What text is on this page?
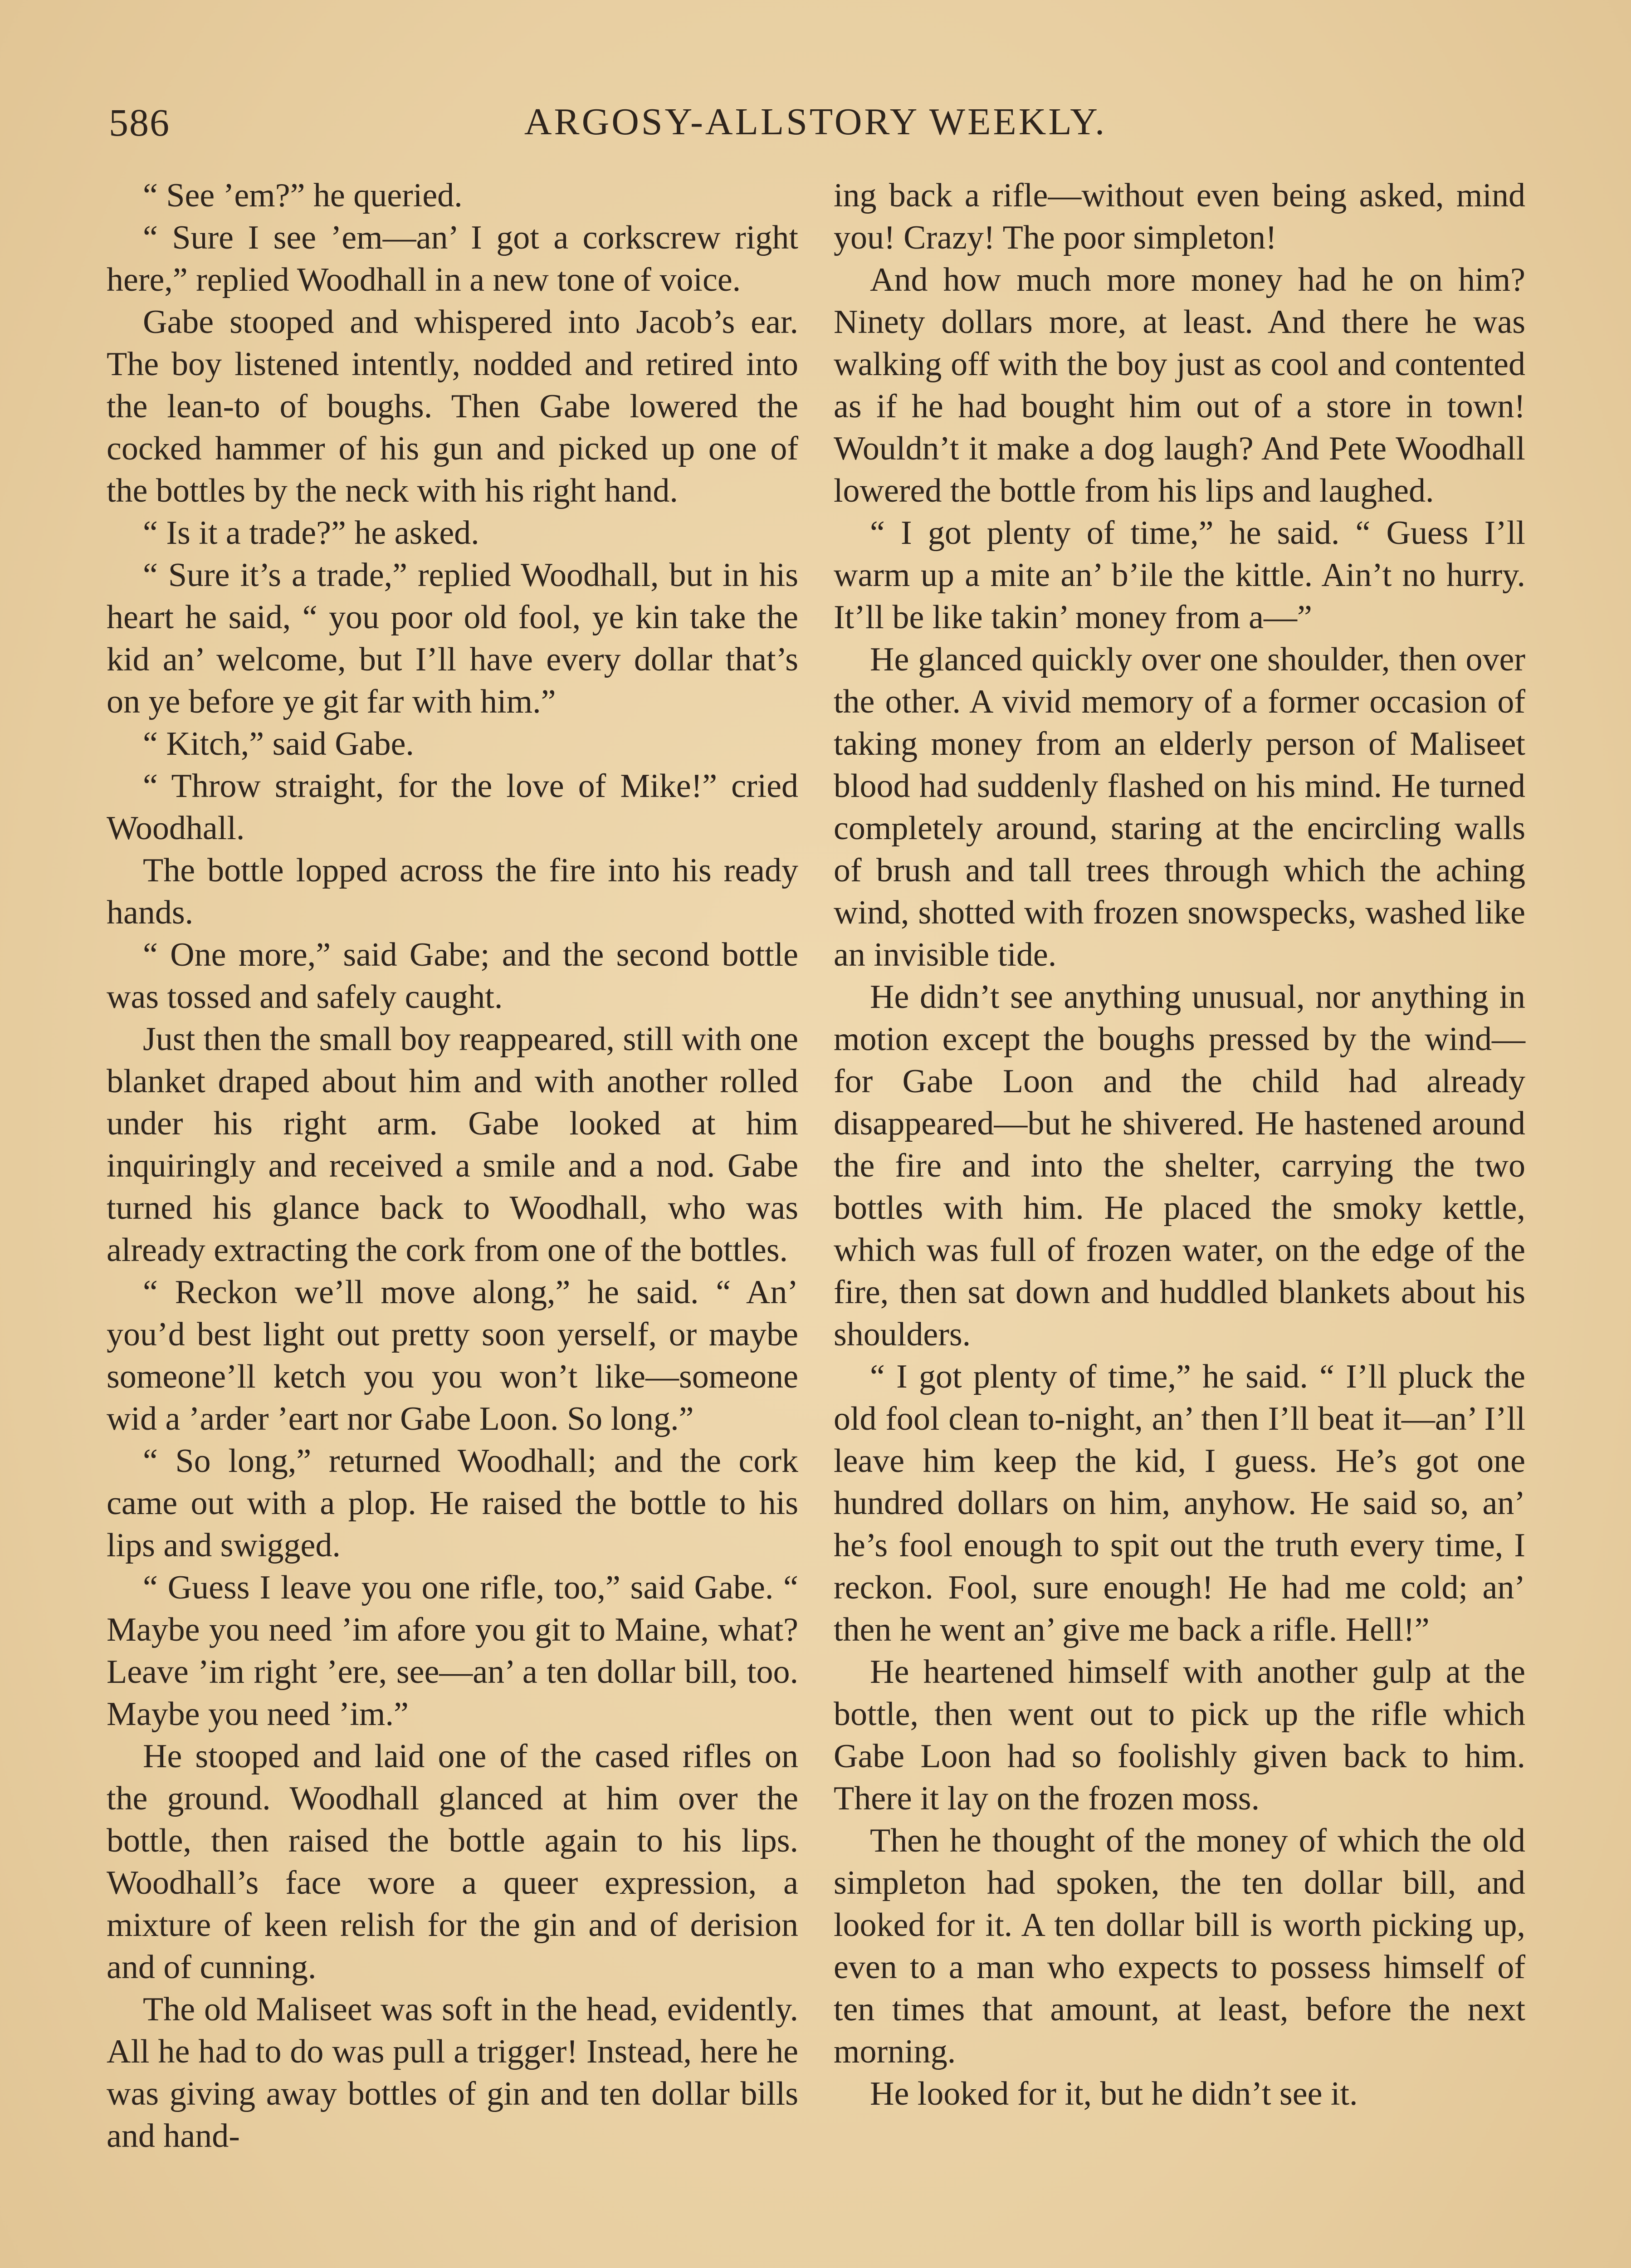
586	ARGOSY-ALLSTORY WEEKLY.

“ See ’em?” he queried.

“ Sure I see ’em—an’ I got a corkscrew right here,” replied Woodhall in a new tone of voice.

Gabe stooped and whispered into Jacob’s ear. The boy listened intently, nodded and retired into the lean-to of boughs. Then Gabe lowered the cocked hammer of his gun and picked up one of the bottles by the neck with his right hand.

“ Is it a trade?” he asked.

“ Sure it’s a trade,” replied Woodhall, but in his heart he said, “ you poor old fool, ye kin take the kid an’ welcome, but I’ll have every dollar that’s on ye before ye git far with him.”

“ Kitch,” said Gabe.

“ Throw straight, for the love of Mike!” cried Woodhall.

The bottle lopped across the fire into his ready hands.

“ One more,” said Gabe; and the second bottle was tossed and safely caught.

Just then the small boy reappeared, still with one blanket draped about him and with another rolled under his right arm. Gabe looked at him inquiringly and received a smile and a nod. Gabe turned his glance back to Woodhall, who was already extracting the cork from one of the bottles.

“ Reckon we’ll move along,” he said. “ An’ you’d best light out pretty soon yerself, or maybe someone’ll ketch you you won’t like—someone wid a ’arder ’eart nor Gabe Loon. So long.”

“ So long,” returned Woodhall; and the cork came out with a plop. He raised the bottle to his lips and swigged.

“ Guess I leave you one rifle, too,” said Gabe. “ Maybe you need ’im afore you git to Maine, what? Leave ’im right ’ere, see—an’ a ten dollar bill, too. Maybe you need ’im.”

He stooped and laid one of the cased rifles on the ground. Woodhall glanced at him over the bottle, then raised the bottle again to his lips. Woodhall’s face wore a queer expression, a mixture of keen relish for the gin and of derision and of cunning.

The old Maliseet was soft in the head, evidently. All he had to do was pull a trigger! Instead, here he was giving away bottles of gin and ten dollar bills and hand-

ing back a rifle—without even being asked, mind you! Crazy! The poor simpleton!

And how much more money had he on him? Ninety dollars more, at least. And there he was walking off with the boy just as cool and contented as if he had bought him out of a store in town! Wouldn’t it make a dog laugh? And Pete Woodhall lowered the bottle from his lips and laughed.

“ I got plenty of time,” he said. “ Guess I’ll warm up a mite an’ b’ile the kittle. Ain’t no hurry. It’ll be like takin’ money from a—”

He glanced quickly over one shoulder, then over the other. A vivid memory of a former occasion of taking money from an elderly person of Maliseet blood had suddenly flashed on his mind. He turned completely around, staring at the encircling walls of brush and tall trees through which the aching wind, shotted with frozen snowspecks, washed like an invisible tide.

He didn’t see anything unusual, nor anything in motion except the boughs pressed by the wind—for Gabe Loon and the child had already disappeared—but he shivered. He hastened around the fire and into the shelter, carrying the two bottles with him. He placed the smoky kettle, which was full of frozen water, on the edge of the fire, then sat down and huddled blankets about his shoulders.

“ I got plenty of time,” he said. “ I’ll pluck the old fool clean to-night, an’ then I’ll beat it—an’ I’ll leave him keep the kid, I guess. He’s got one hundred dollars on him, anyhow. He said so, an’ he’s fool enough to spit out the truth every time, I reckon. Fool, sure enough! He had me cold; an’ then he went an’ give me back a rifle. Hell!”

He heartened himself with another gulp at the bottle, then went out to pick up the rifle which Gabe Loon had so foolishly given back to him. There it lay on the frozen moss.

Then he thought of the money of which the old simpleton had spoken, the ten dollar bill, and looked for it. A ten dollar bill is worth picking up, even to a man who expects to possess himself of ten times that amount, at least, before the next morning.

He looked for it, but he didn’t see it.
